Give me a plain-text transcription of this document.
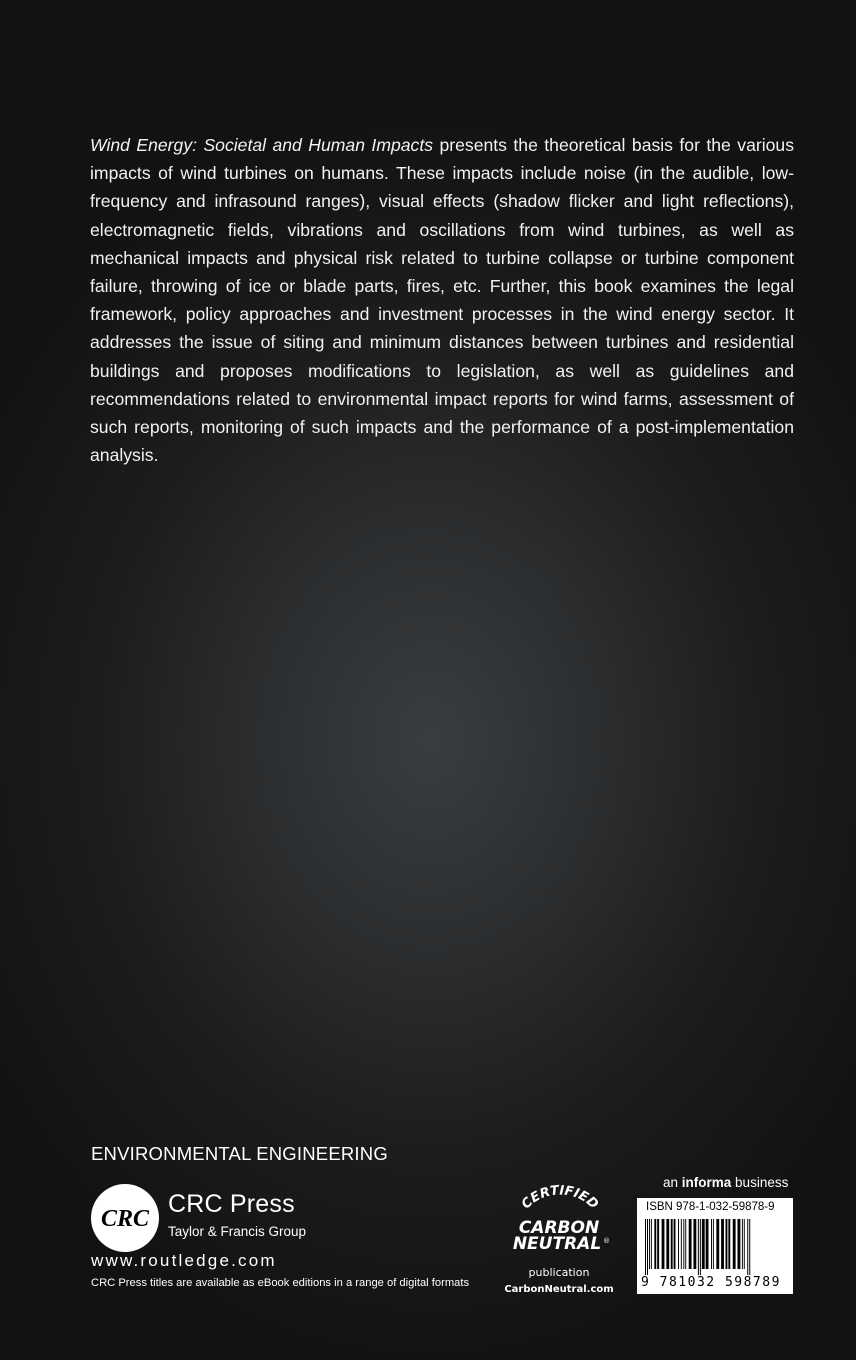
Wind Energy: Societal and Human Impacts presents the theoretical basis for the various impacts of wind turbines on humans. These impacts include noise (in the audible, low-frequency and infrasound ranges), visual effects (shadow flicker and light reflections), electromagnetic fields, vibrations and oscillations from wind turbines, as well as mechanical impacts and physical risk related to turbine collapse or turbine component failure, throwing of ice or blade parts, fires, etc. Further, this book examines the legal framework, policy approaches and investment processes in the wind energy sector. It addresses the issue of siting and minimum distances between turbines and residential buildings and proposes modifications to legislation, as well as guidelines and recommendations related to environmental impact reports for wind farms, assessment of such reports, monitoring of such impacts and the performance of a post-implementation analysis.

ENVIRONMENTAL ENGINEERING
CRC
CRC Press
Taylor & Francis Group
www.routledge.com
CRC Press titles are available as eBook editions in a range of digital formats
CERTIFIED
CARBON
NEUTRAL ®
publication
CarbonNeutral.com
an informa business
ISBN 978-1-032-59878-9
9 781032 598789
